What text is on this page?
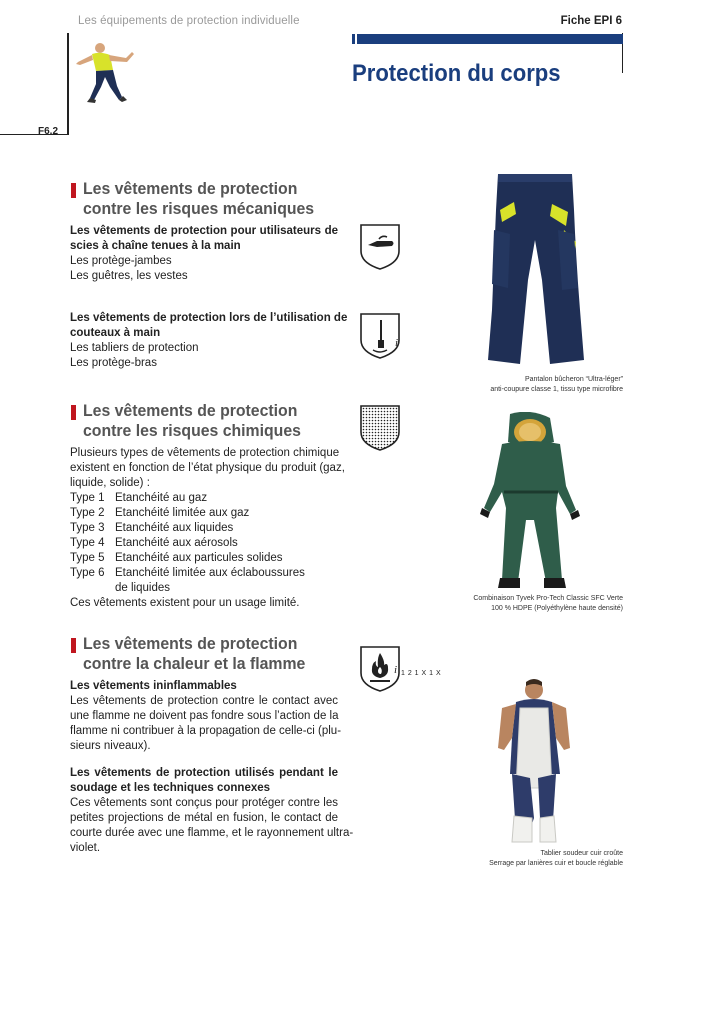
Les équipements de protection individuelle	Fiche EPI 6
Protection du corps
F6.2
Les vêtements de protection
contre les risques mécaniques
Les vêtements de protection pour utilisateurs de
scies à chaîne tenues à la main
Les protège-jambes
Les guêtres, les vestes
Les vêtements de protection lors de l’utilisation de
couteaux à main
Les tabliers de protection
Les protège-bras
i
Les vêtements de protection
contre les risques chimiques
Plusieurs types de vêtements de protection chimique
existent en fonction de l’état physique du produit (gaz,
liquide, solide) :
Type 1 Etanchéité au gaz
Type 2 Etanchéité limitée aux gaz
Type 3 Etanchéité aux liquides
Type 4 Etanchéité aux aérosols
Type 5 Etanchéité aux particules solides
Type 6 Etanchéité limitée aux éclaboussures
de liquides
Ces vêtements existent pour un usage limité.
Les vêtements de protection
contre la chaleur et la flamme
Les vêtements ininflammables
Les vêtements de protection contre le contact avec
une flamme ne doivent pas fondre sous l’action de la
flamme ni contribuer à la propagation de celle-ci (plu-
sieurs niveaux).
Les vêtements de protection utilisés pendant le
soudage et les techniques connexes
Ces vêtements sont conçus pour protéger contre les
petites projections de métal en fusion, le contact de
courte durée avec une flamme, et le rayonnement ultra-
violet.
i 1 2 1 X 1 X
Pantalon bûcheron “Ultra-léger”
anti-coupure classe 1, tissu type microfibre
Combinaison Tyvek Pro-Tech Classic SFC Verte
100 % HDPE (Polyéthylène haute densité)
Tablier soudeur cuir croûte
Serrage par lanières cuir et boucle réglable
